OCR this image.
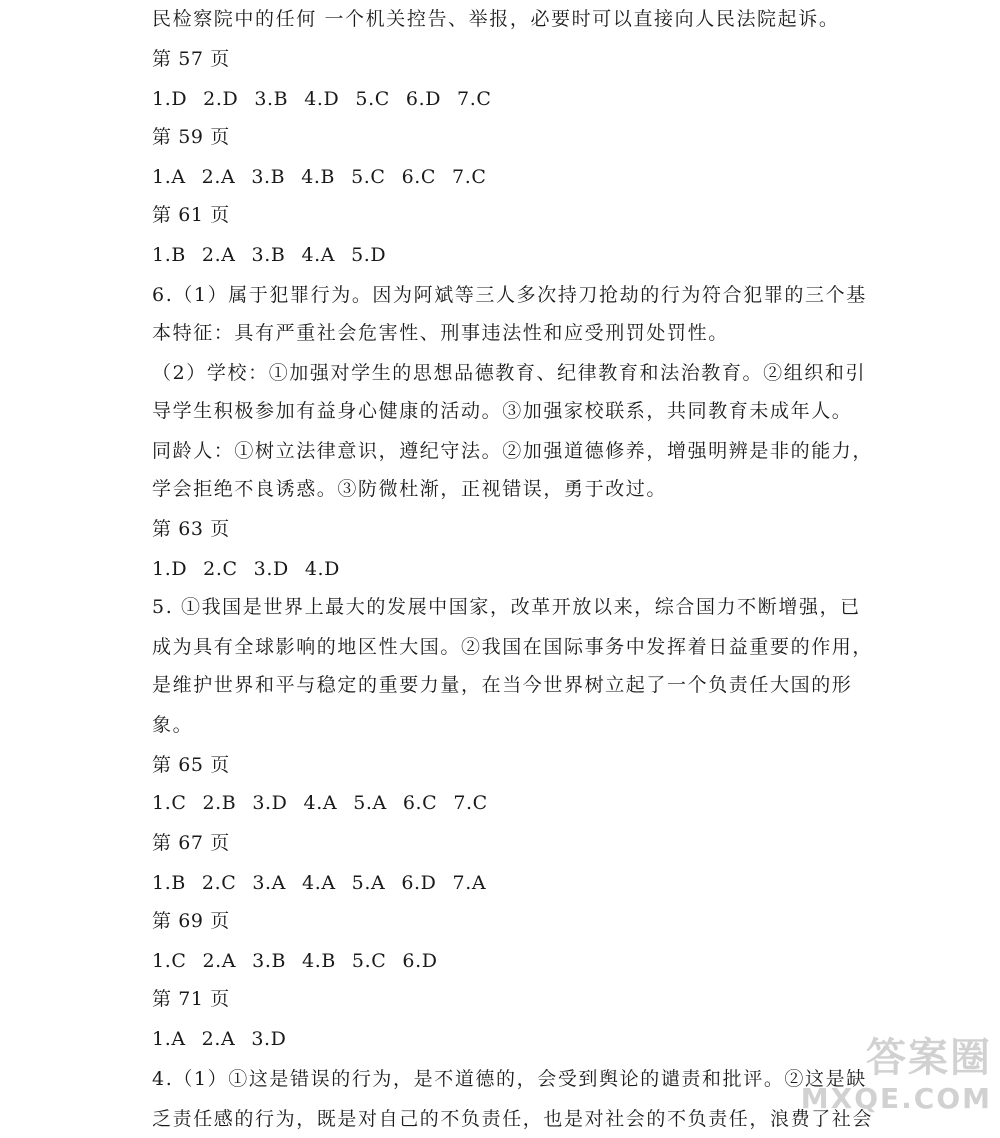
民检察院中的任何 一个机关控告、举报，必要时可以直接向人民法院起诉。
第 57 页
1.D 2.D 3.B 4.D 5.C 6.D 7.C
第 59 页
1.A 2.A 3.B 4.B 5.C 6.C 7.C
第 61 页
1.B 2.A 3.B 4.A 5.D
6.（1）属于犯罪行为。因为阿斌等三人多次持刀抢劫的行为符合犯罪的三个基
本特征：具有严重社会危害性、刑事违法性和应受刑罚处罚性。
（2）学校：①加强对学生的思想品德教育、纪律教育和法治教育。②组织和引
导学生积极参加有益身心健康的活动。③加强家校联系，共同教育未成年人。
同龄人：①树立法律意识，遵纪守法。②加强道德修养，增强明辨是非的能力，
学会拒绝不良诱惑。③防微杜渐，正视错误，勇于改过。
第 63 页
1.D 2.C 3.D 4.D
5. ①我国是世界上最大的发展中国家，改革开放以来，综合国力不断增强，已
成为具有全球影响的地区性大国。②我国在国际事务中发挥着日益重要的作用，
是维护世界和平与稳定的重要力量，在当今世界树立起了一个负责任大国的形
象。
第 65 页
1.C 2.B 3.D 4.A 5.A 6.C 7.C
第 67 页
1.B 2.C 3.A 4.A 5.A 6.D 7.A
第 69 页
1.C 2.A 3.B 4.B 5.C 6.D
第 71 页
1.A 2.A 3.D
4.（1）①这是错误的行为，是不道德的，会受到舆论的谴责和批评。②这是缺
乏责任感的行为，既是对自己的不负责任，也是对社会的不负责任，浪费了社会
答案圈
MXQE.COM
